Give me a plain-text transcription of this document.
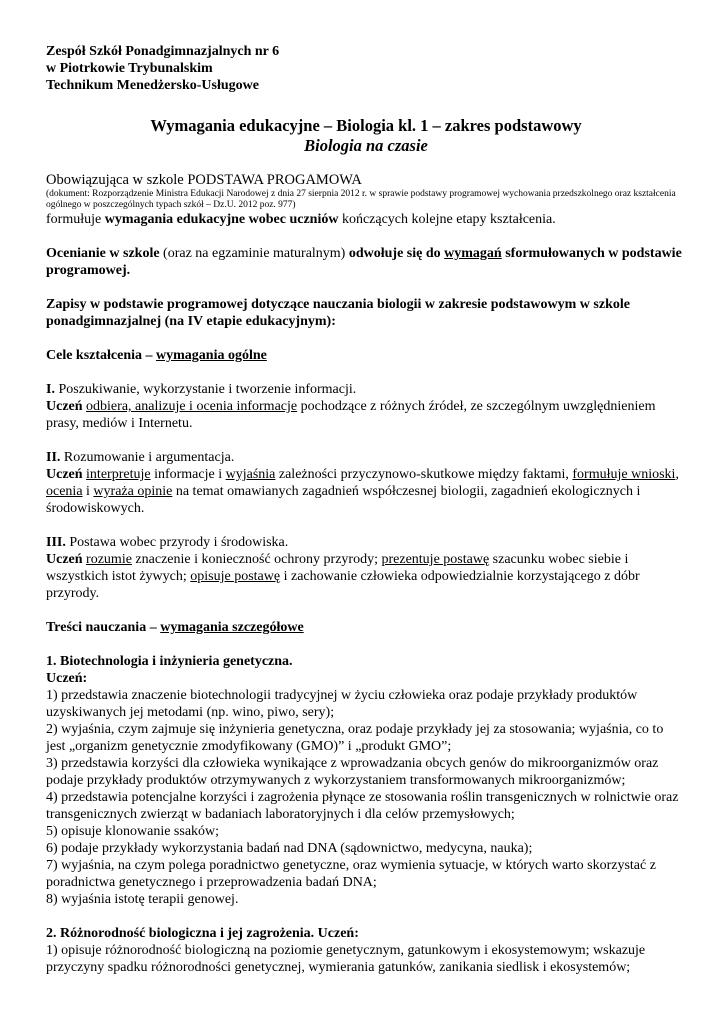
Zespół Szkół Ponadgimnazjalnych nr 6
w Piotrkowie Trybunalskim
Technikum Menedżersko-Usługowe
Wymagania edukacyjne – Biologia kl. 1 – zakres podstawowy
Biologia na czasie

Obowiązująca w szkole PODSTAWA PROGAMOWA

(dokument: Rozporządzenie Ministra Edukacji Narodowej z dnia 27 sierpnia 2012 r. w sprawie podstawy programowej wychowania przedszkolnego oraz kształcenia ogólnego w poszczególnych typach szkół – Dz.U. 2012 poz. 977)

formułuje wymagania edukacyjne wobec uczniów kończących kolejne etapy kształcenia.

Ocenianie w szkole (oraz na egzaminie maturalnym) odwołuje się do wymagań sformułowanych w podstawie programowej.
Zapisy w podstawie programowej dotyczące nauczania biologii w zakresie podstawowym w szkole ponadgimnazjalnej (na IV etapie edukacyjnym):
Cele kształcenia – wymagania ogólne

I. Poszukiwanie, wykorzystanie i tworzenie informacji.

Uczeń odbiera, analizuje i ocenia informacje pochodzące z różnych źródeł, ze szczególnym uwzględnieniem prasy, mediów i Internetu.

II. Rozumowanie i argumentacja.

Uczeń interpretuje informacje i wyjaśnia zależności przyczynowo-skutkowe między faktami, formułuje wnioski, ocenia i wyraża opinie na temat omawianych zagadnień współczesnej biologii, zagadnień ekologicznych i środowiskowych.

III. Postawa wobec przyrody i środowiska.

Uczeń rozumie znaczenie i konieczność ochrony przyrody; prezentuje postawę szacunku wobec siebie i wszystkich istot żywych; opisuje postawę i zachowanie człowieka odpowiedzialnie korzystającego z dóbr przyrody.

Treści nauczania – wymagania szczegółowe

1. Biotechnologia i inżynieria genetyczna.

Uczeń:

1) przedstawia znaczenie biotechnologii tradycyjnej w życiu człowieka oraz podaje przykłady produktów uzyskiwanych jej metodami (np. wino, piwo, sery);

2) wyjaśnia, czym zajmuje się inżynieria genetyczna, oraz podaje przykłady jej za stosowania; wyjaśnia, co to jest „organizm genetycznie zmodyfikowany (GMO)” i „produkt GMO”;

3) przedstawia korzyści dla człowieka wynikające z wprowadzania obcych genów do mikroorganizmów oraz podaje przykłady produktów otrzymywanych z wykorzystaniem transformowanych mikroorganizmów;

4) przedstawia potencjalne korzyści i zagrożenia płynące ze stosowania roślin transgenicznych w rolnictwie oraz transgenicznych zwierząt w badaniach laboratoryjnych i dla celów przemysłowych;

5) opisuje klonowanie ssaków;

6) podaje przykłady wykorzystania badań nad DNA (sądownictwo, medycyna, nauka);

7) wyjaśnia, na czym polega poradnictwo genetyczne, oraz wymienia sytuacje, w których warto skorzystać z poradnictwa genetycznego i przeprowadzenia badań DNA;

8) wyjaśnia istotę terapii genowej.

2. Różnorodność biologiczna i jej zagrożenia. Uczeń:

1) opisuje różnorodność biologiczną na poziomie genetycznym, gatunkowym i ekosystemowym; wskazuje przyczyny spadku różnorodności genetycznej, wymierania gatunków, zanikania siedlisk i ekosystemów;
